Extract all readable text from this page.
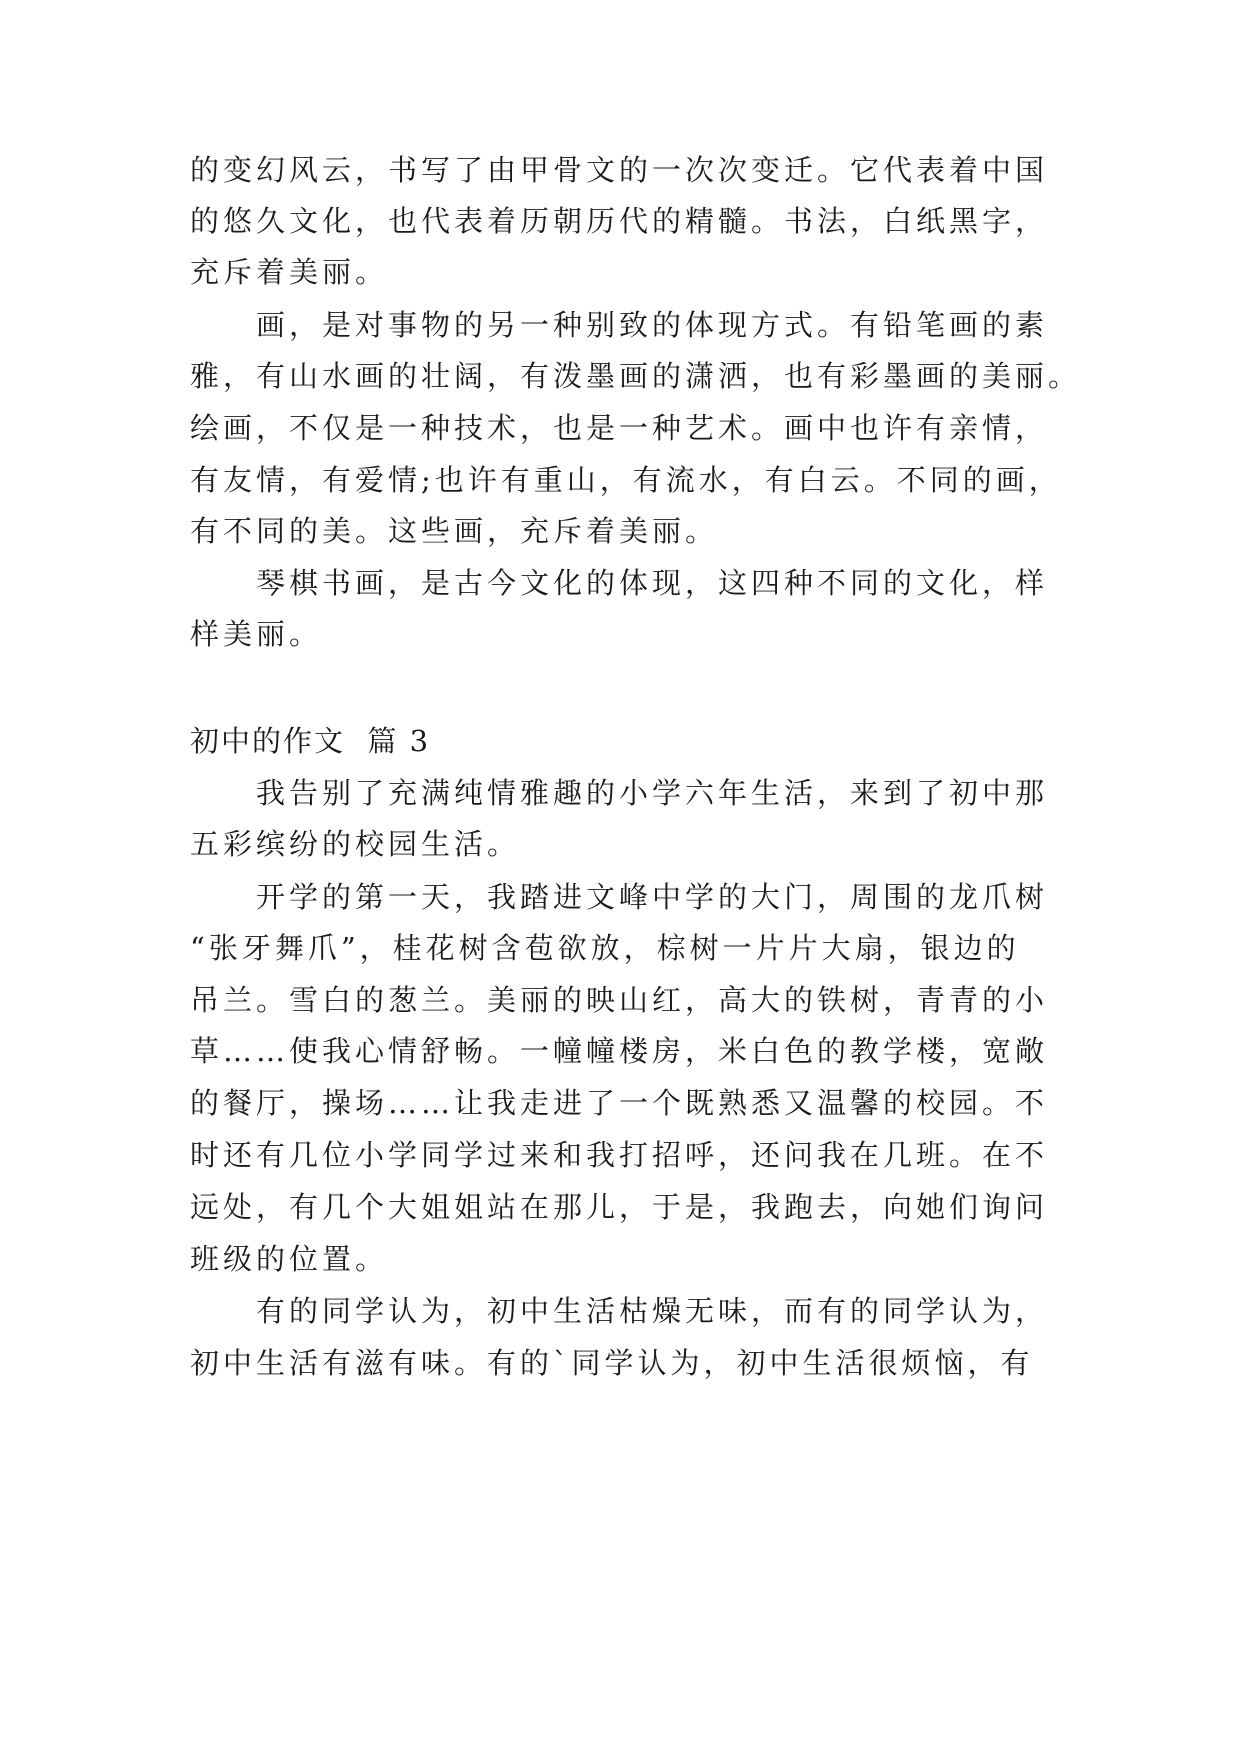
的变幻风云，书写了由甲骨文的一次次变迁。它代表着中国
的悠久文化，也代表着历朝历代的精髓。书法，白纸黑字，
充斥着美丽。
画，是对事物的另一种别致的体现方式。有铅笔画的素
雅，有山水画的壮阔，有泼墨画的潇洒，也有彩墨画的美丽。
绘画，不仅是一种技术，也是一种艺术。画中也许有亲情，
有友情，有爱情;也许有重山，有流水，有白云。不同的画，
有不同的美。这些画，充斥着美丽。
琴棋书画，是古今文化的体现，这四种不同的文化，样
样美丽。
初中的作文  篇 3
我告别了充满纯情雅趣的小学六年生活，来到了初中那
五彩缤纷的校园生活。
开学的第一天，我踏进文峰中学的大门，周围的龙爪树
“张牙舞爪”，桂花树含苞欲放，棕树一片片大扇，银边的
吊兰。雪白的葱兰。美丽的映山红，高大的铁树，青青的小
草……使我心情舒畅。一幢幢楼房，米白色的教学楼，宽敞
的餐厅，操场……让我走进了一个既熟悉又温馨的校园。不
时还有几位小学同学过来和我打招呼，还问我在几班。在不
远处，有几个大姐姐站在那儿，于是，我跑去，向她们询问
班级的位置。
有的同学认为，初中生活枯燥无味，而有的同学认为，
初中生活有滋有味。有的`同学认为，初中生活很烦恼，有
